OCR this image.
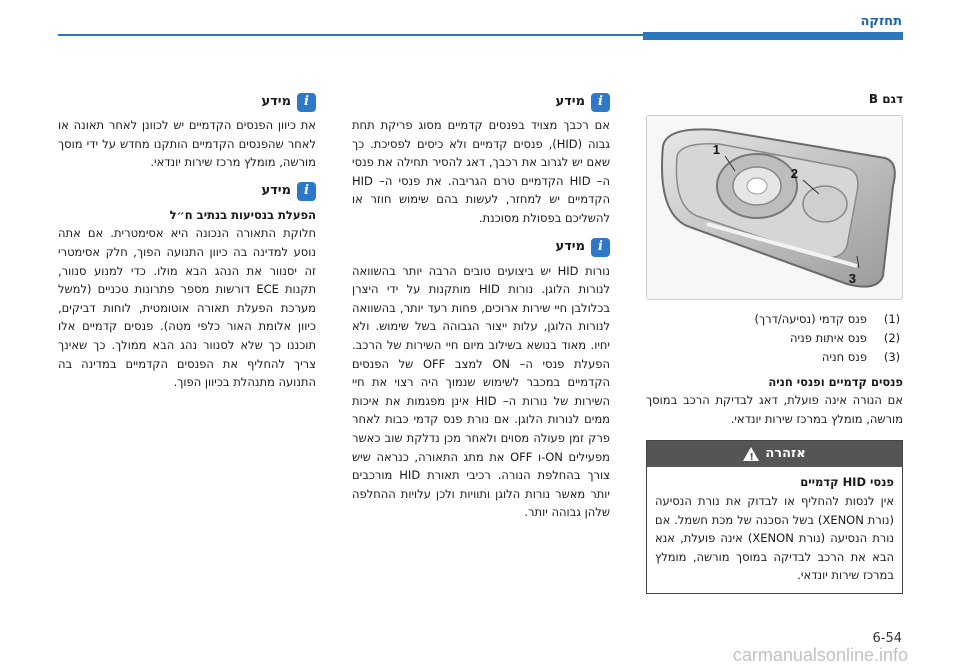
תחזקה
דגם B
1
2
3
(1)
פנס קדמי (נסיעה/דרך)
(2)
פנס איתות פניה
(3)
פנס חניה
פנסים קדמיים ופנסי חניה

אם הנורה אינה פועלת, דאג לבדיקת הרכב במוסך מורשה, מומלץ במרכז שירות יונדאי.

אזהרה
!
פנסי HID קדמיים

אין לנסות להחליף או לבדוק את נורת הנסיעה (נורת XENON) בשל הסכנה של מכת חשמל. אם נורת הנסיעה (נורת XENON) אינה פועלת, אנא הבא את הרכב לבדיקה במוסך מורשה, מומלץ במרכז שירות יונדאי.

i
מידע

אם רכבך מצויד בפנסים קדמיים מסוג פריקת תחת גבוה (HID), פנסים קדמיים ולא כיסים לפסיכת. כך שאם יש לגרוב את רכבך, דאג להסיר תחילה את פנסי ה– HID הקדמיים טרם הגריבה. את פנסי ה– HID הקדמיים יש למחזר, לעשות בהם שימוש חוזר או להשליכם בפסולת מסוכנת.

i
מידע

נורות HID יש ביצועים טובים הרבה יותר בהשוואה לנורות הלוגן. נורות HID מותקנות על ידי היצרן בכלולבן חיי שירות ארוכים, פחות רעד יותר, בהשוואה לנורות הלוגן, עלות ייצור הגבוהה בשל שימוש. ולא יחיו. מאוד בנושא בשילוב מיום חיי השירות של הרכב. הפעלת פנסי ה– ON למצב OFF של הפנסים הקדמיים במכבר לשימוש שנמוך היה רצוי את חיי השירות של נורות ה– HID אינן מפגמות את איכות ממים לנורות הלוגן. אם נורת פנס קדמי כבות לאחר פרק זמן פעולה מסוים ולאחר מכן נדלקת שוב כאשר מפעילים ON-ו OFF את מתג התאורה, כנראה שיש צורך בהחלפת הנורה. רכיבי תאורת HID מורכבים יותר מאשר נורות הלוגן ותוויות ולכן עלויות ההחלפה שלהן גבוהה יותר.

i
מידע

את כיוון הפנסים הקדמיים יש לכוונן לאחר תאונה או לאחר שהפנסים הקדמיים הותקנו מחדש על ידי מוסך מורשה, מומלץ מרכז שירות יונדאי.

i
מידע
הפעלת בנסיעות בנתיב ח״ל

חלוקת התאורה הנכונה היא אסימטרית. אם אתה נוסע למדינה בה כיוון התנועה הפוך, חלק אסימטרי זה יסנוור את הנהג הבא מולו. כדי למנוע סנוור, תקנות ECE דורשות מספר פתרונות טכניים (למשל מערכת הפעלת תאורה אוטומטית, לוחות דביקים, כיוון אלומת האור כלפי מטה). פנסים קדמיים אלו תוכננו כך שלא לסנוור נהג הבא ממולך. כך שאינך צריך להחליף את הפנסים הקדמיים במדינה בה התנועה מתנהלת בכיוון הפוך.

6-54
carmanualsonline.info
